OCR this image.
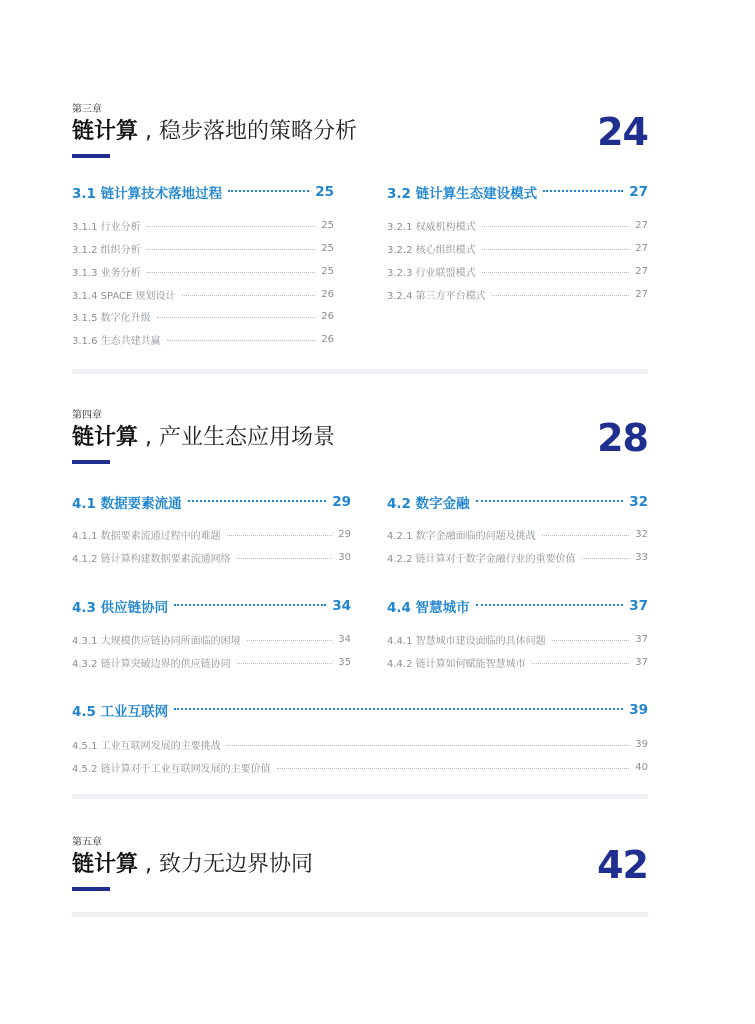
第三章
链计算 , 稳步落地的策略分析	24
3.1 链计算技术落地过程	25
3.1.1 行业分析	25
3.1.2 组织分析	25
3.1.3 业务分析	25
3.1.4 SPACE 规划设计	26
3.1.5 数字化升级	26
3.1.6 生态共建共赢	26
3.2 链计算生态建设模式	27
3.2.1 权威机构模式	27
3.2.2 核心组织模式	27
3.2.3 行业联盟模式	27
3.2.4 第三方平台模式	27
第四章
链计算 , 产业生态应用场景	28
4.1 数据要素流通	29
4.1.1 数据要素流通过程中的难题	29
4.1.2 链计算构建数据要素流通网络	30
4.2 数字金融	32
4.2.1 数字金融面临的问题及挑战	32
4.2.2 链计算对于数字金融行业的重要价值	33
4.3 供应链协同	34
4.3.1 大规模供应链协同所面临的困境	34
4.3.2 链计算突破边界的供应链协同	35
4.4 智慧城市	37
4.4.1 智慧城市建设面临的具体问题	37
4.4.2 链计算如何赋能智慧城市	37
4.5 工业互联网	39
4.5.1 工业互联网发展的主要挑战	39
4.5.2 链计算对于工业互联网发展的主要价值	40
第五章
链计算 , 致力无边界协同	42
